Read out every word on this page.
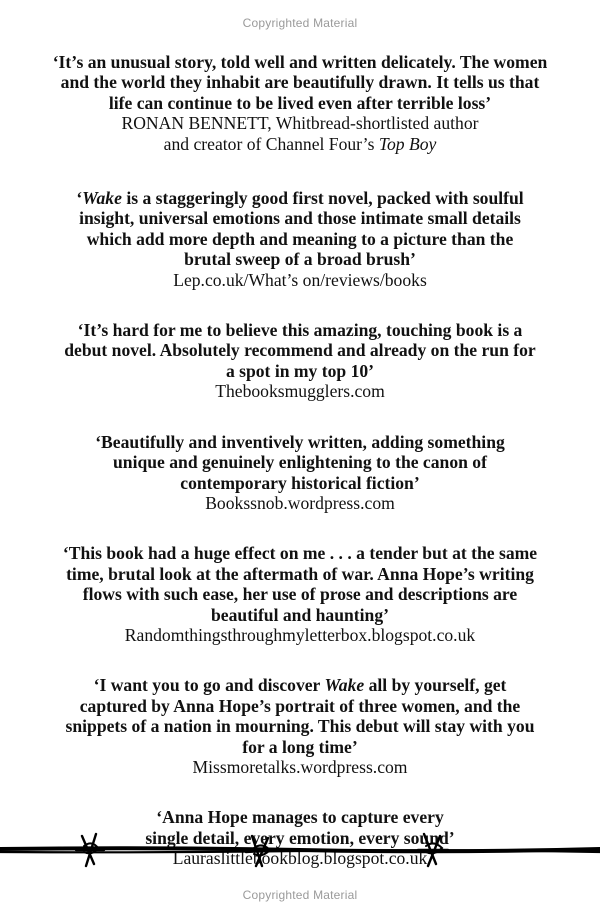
Copyrighted Material
‘It’s an unusual story, told well and written delicately. The women and the world they inhabit are beautifully drawn. It tells us that life can continue to be lived even after terrible loss’
RONAN BENNETT, Whitbread-shortlisted author
and creator of Channel Four’s Top Boy
‘Wake is a staggeringly good first novel, packed with soulful insight, universal emotions and those intimate small details which add more depth and meaning to a picture than the brutal sweep of a broad brush’
Lep.co.uk/What’s on/reviews/books
‘It’s hard for me to believe this amazing, touching book is a debut novel. Absolutely recommend and already on the run for a spot in my top 10’
Thebooksmugglers.com
‘Beautifully and inventively written, adding something unique and genuinely enlightening to the canon of contemporary historical fiction’
Bookssnob.wordpress.com
‘This book had a huge effect on me . . . a tender but at the same time, brutal look at the aftermath of war. Anna Hope’s writing flows with such ease, her use of prose and descriptions are beautiful and haunting’
Randomthingsthroughmyletterbox.blogspot.co.uk
‘I want you to go and discover Wake all by yourself, get captured by Anna Hope’s portrait of three women, and the snippets of a nation in mourning. This debut will stay with you for a long time’
Missmoretalks.wordpress.com
‘Anna Hope manages to capture every single detail, every emotion, every sound’
Lauraslittlebookblog.blogspot.co.uk
Copyrighted Material
